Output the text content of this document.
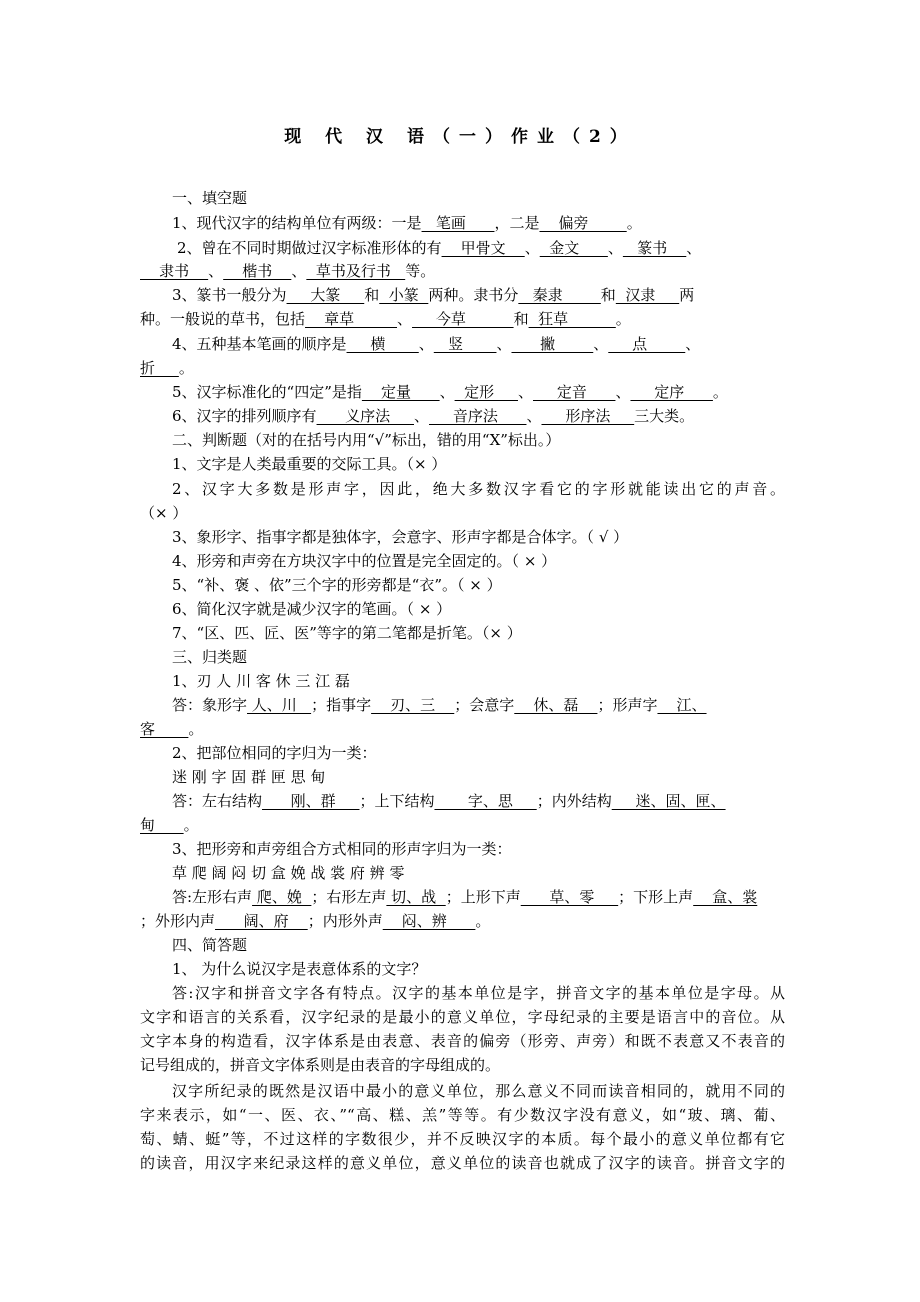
现 代 汉 语（一）作业（2）
一、填空题
1、现代汉字的结构单位有两级：一是   笔画      ，二是    偏旁        。
2、曾在不同时期做过汉字标准形体的有    甲骨文    、  金文      、   篆书    、
隶书    、    楷书    、  草书及行书   等。
3、篆书一般分为     大篆     和  小篆  两种。隶书分   秦隶        和  汉隶     两
种。一般说的草书，包括    章草         、     今草          和  狂草          。
4、五种基本笔画的顺序是     横       、   竖       、      撇        、     点        、
折     。
5、汉字标准化的“四定”是指    定量      、  定形     、     定音      、     定序      。
6、汉字的排列顺序有      义序法     、     音序法      、     形序法     三大类。
二、判断题（对的在括号内用“√”标出，错的用“X”标出。）
1、文字是人类最重要的交际工具。（× ）
2、汉字大多数是形声字，因此，绝大多数汉字看它的字形就能读出它的声音。
（× ）
3、象形字、指事字都是独体字，会意字、形声字都是合体字。（ √ ）
4、形旁和声旁在方块汉字中的位置是完全固定的。（ × ）
5、“补、褒 、依”三个字的形旁都是“衣”。（ × ）
6、简化汉字就是减少汉字的笔画。（ × ）
7、“区、匹、匠、医”等字的第二笔都是折笔。（× ）
三、归类题
1、刃 人 川 客 休 三 江 磊
答：象形字 人、川   ；指事字    刃、三    ；会意字    休、磊    ；形声字    江、
客       。
2、把部位相同的字归为一类：
迷 刚 字 固 群 匣 思 甸
答：左右结构      刚、群     ；上下结构       字、思     ；内外结构     迷、固、匣、
甸      。
3、把形旁和声旁组合方式相同的形声字归为一类：
草 爬 阔 闷 切 盒 娩 战 裳 府 辨 零
答:左形右声 爬、娩  ；右形左声 切、战  ；上形下声      草、零     ；下形上声    盒、裳
；外形内声      阔、府    ；内形外声    闷、辨      。
四、简答题
1、 为什么说汉字是表意体系的文字？
答:汉字和拼音文字各有特点。汉字的基本单位是字，拼音文字的基本单位是字母。从
文字和语言的关系看，汉字纪录的是最小的意义单位，字母纪录的主要是语言中的音位。从
文字本身的构造看，汉字体系是由表意、表音的偏旁（形旁、声旁）和既不表意又不表音的
记号组成的，拼音文字体系则是由表音的字母组成的。
汉字所纪录的既然是汉语中最小的意义单位，那么意义不同而读音相同的，就用不同的
字来表示，如“一、医、衣、”“高、糕、羔”等等。有少数汉字没有意义，如“玻、璃、葡、
萄、蜻、蜓”等，不过这样的字数很少，并不反映汉字的本质。每个最小的意义单位都有它
的读音，用汉字来纪录这样的意义单位，意义单位的读音也就成了汉字的读音。拼音文字的
